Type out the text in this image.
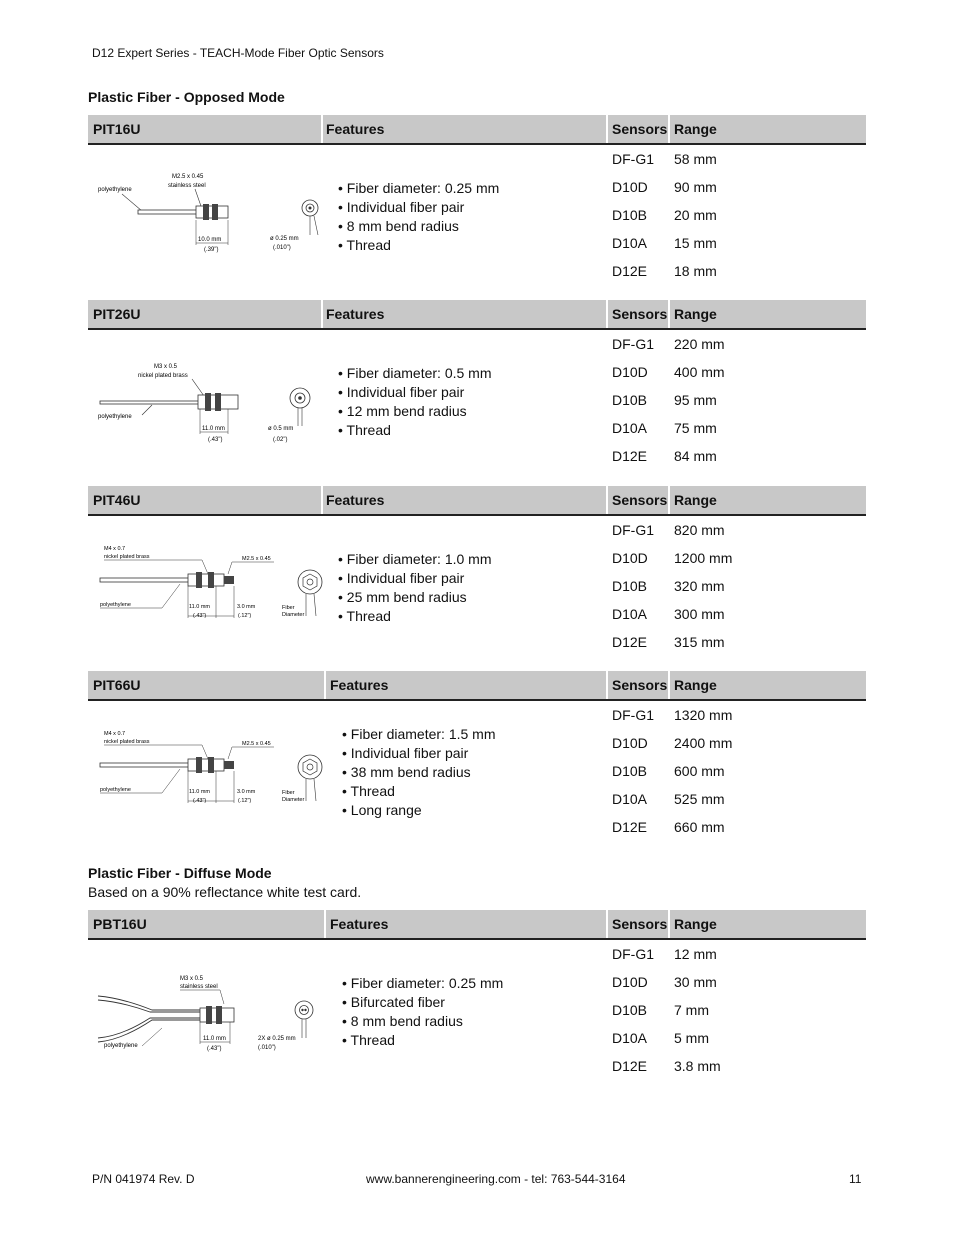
D12 Expert Series - TEACH-Mode Fiber Optic Sensors
Plastic Fiber - Opposed Mode
PIT16U	Features	Sensors Range
M2.5 x 0.45
stainless steel
polyethylene
10.0 mm
(.39")
ø 0.25 mm
(.010")
• Fiber diameter: 0.25 mm
• Individual fiber pair
• 8 mm bend radius
• Thread
DF-G1 58 mm
D10D 90 mm
D10B 20 mm
D10A 15 mm
D12E 18 mm
PIT26U	Features	Sensors Range
M3 x 0.5
nickel plated brass
polyethylene
11.0 mm
(.43")
ø 0.5 mm
(.02")
• Fiber diameter: 0.5 mm
• Individual fiber pair
• 12 mm bend radius
• Thread
DF-G1 220 mm
D10D 400 mm
D10B 95 mm
D10A 75 mm
D12E 84 mm
PIT46U	Features	Sensors Range
M4 x 0.7
nickel plated brass	M2.5 x 0.45
polyethylene	11.0 mm
(.43")
3.0 mm
(.12")
Fiber
Diameter
• Fiber diameter: 1.0 mm
• Individual fiber pair
• 25 mm bend radius
• Thread
DF-G1 820 mm
D10D 1200 mm
D10B 320 mm
D10A 300 mm
D12E 315 mm
PIT66U	Features	Sensors Range
M4 x 0.7
nickel plated brass	M2.5 x 0.45
polyethylene	11.0 mm
(.43")
3.0 mm
(.12")
Fiber
Diameter
• Fiber diameter: 1.5 mm
• Individual fiber pair
• 38 mm bend radius
• Thread
• Long range
DF-G1 1320 mm
D10D 2400 mm
D10B 600 mm
D10A 525 mm
D12E 660 mm
Plastic Fiber - Diffuse Mode
Based on a 90% reflectance white test card.
PBT16U	Features	Sensors Range
M3 x 0.5
stainless steel
polyethylene
11.0 mm
(.43")
2X ø 0.25 mm
(.010")
• Fiber diameter: 0.25 mm
• Bifurcated fiber
• 8 mm bend radius
• Thread
DF-G1 12 mm
D10D 30 mm
D10B 7 mm
D10A 5 mm
D12E 3.8 mm
P/N 041974 Rev. D	www.bannerengineering.com - tel: 763-544-3164	11
